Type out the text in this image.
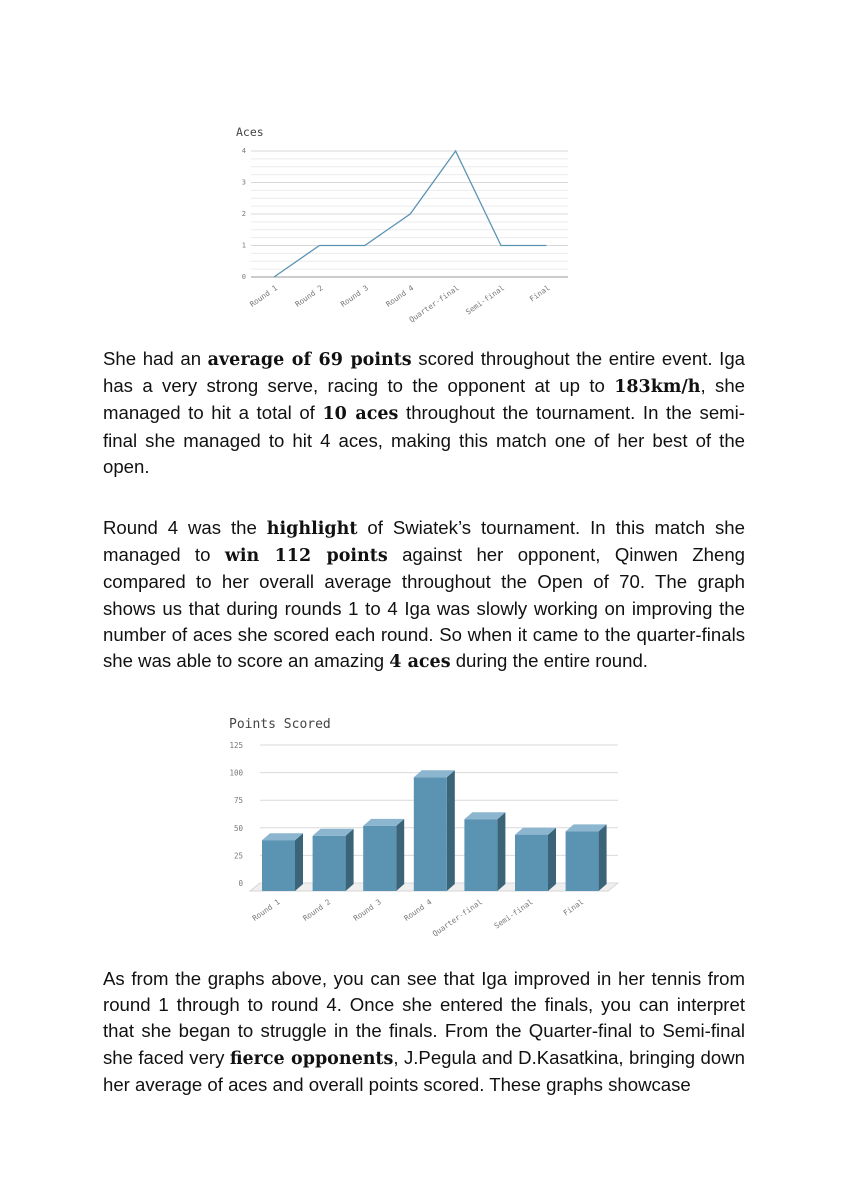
Aces
0
1
2
3
4
Round 1 Round 2 Round 3 Round 4
Quarter-final Semi-final	Final

She had an average of 69 points scored throughout the entire event. Iga has a very strong serve, racing to the opponent at up to 183km/h, she managed to hit a total of 10 aces throughout the tournament. In the semi-final she managed to hit 4 aces, making this match one of her best of the open.

Round 4 was the highlight of Swiatek’s tournament. In this match she managed to win 112 points against her opponent, Qinwen Zheng compared to her overall average throughout the Open of 70. The graph shows us that during rounds 1 to 4 Iga was slowly working on improving the number of aces she scored each round. So when it came to the quarter-finals she was able to score an amazing 4 aces during the entire round.

Points Scored
0
25
50
75
100
125
Round 1	Round 2	Round 3	Round 4
Quarter-final Semi-final	Final

As from the graphs above, you can see that Iga improved in her tennis from round 1 through to round 4. Once she entered the finals, you can interpret that she began to struggle in the finals. From the Quarter-final to Semi-final she faced very fierce opponents, J.Pegula and D.Kasatkina, bringing down her average of aces and overall points scored. These graphs showcase
